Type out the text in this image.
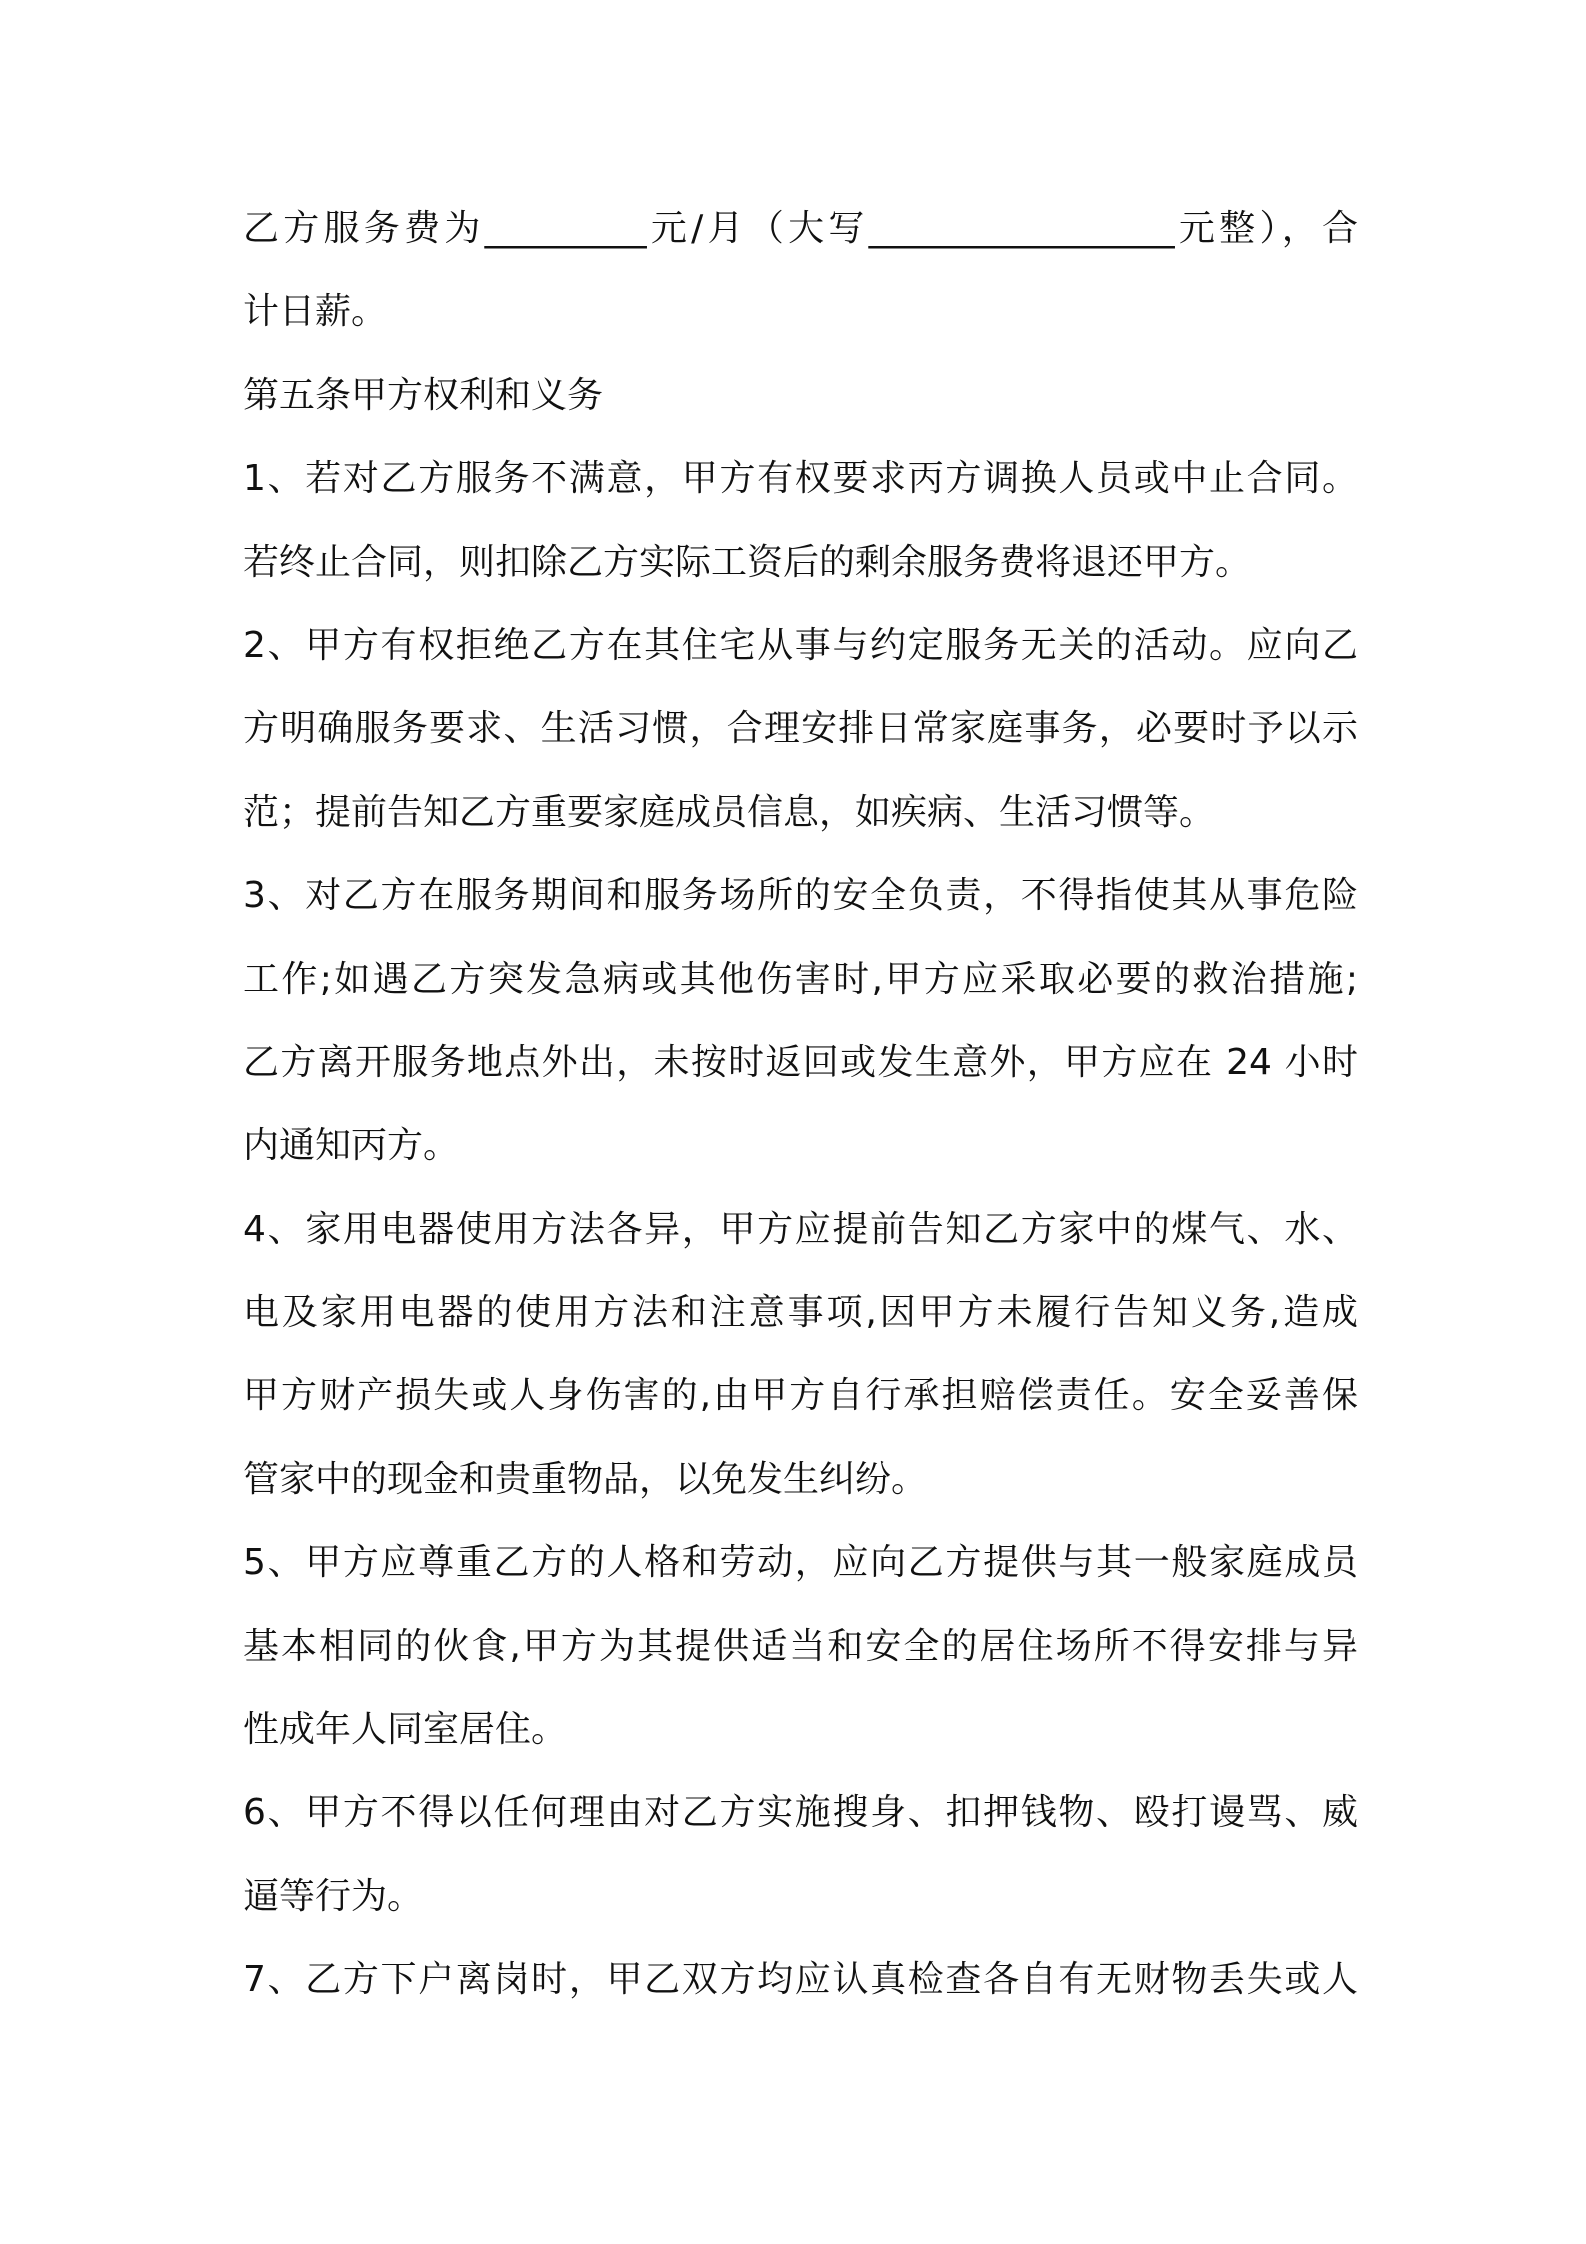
乙方服务费为_________元/月（大写_________________元整），合
计日薪。
第五条甲方权利和义务
1、若对乙方服务不满意，甲方有权要求丙方调换人员或中止合同。
若终止合同，则扣除乙方实际工资后的剩余服务费将退还甲方。
2、甲方有权拒绝乙方在其住宅从事与约定服务无关的活动。应向乙
方明确服务要求、生活习惯，合理安排日常家庭事务，必要时予以示
范；提前告知乙方重要家庭成员信息，如疾病、生活习惯等。
3、对乙方在服务期间和服务场所的安全负责，不得指使其从事危险
工作;如遇乙方突发急病或其他伤害时,甲方应采取必要的救治措施;
乙方离开服务地点外出，未按时返回或发生意外，甲方应在 24 小时
内通知丙方。
4、家用电器使用方法各异，甲方应提前告知乙方家中的煤气、水、
电及家用电器的使用方法和注意事项,因甲方未履行告知义务,造成
甲方财产损失或人身伤害的,由甲方自行承担赔偿责任。安全妥善保
管家中的现金和贵重物品，以免发生纠纷。
5、甲方应尊重乙方的人格和劳动，应向乙方提供与其一般家庭成员
基本相同的伙食,甲方为其提供适当和安全的居住场所不得安排与异
性成年人同室居住。
6、甲方不得以任何理由对乙方实施搜身、扣押钱物、殴打谩骂、威
逼等行为。
7、乙方下户离岗时，甲乙双方均应认真检查各自有无财物丢失或人
